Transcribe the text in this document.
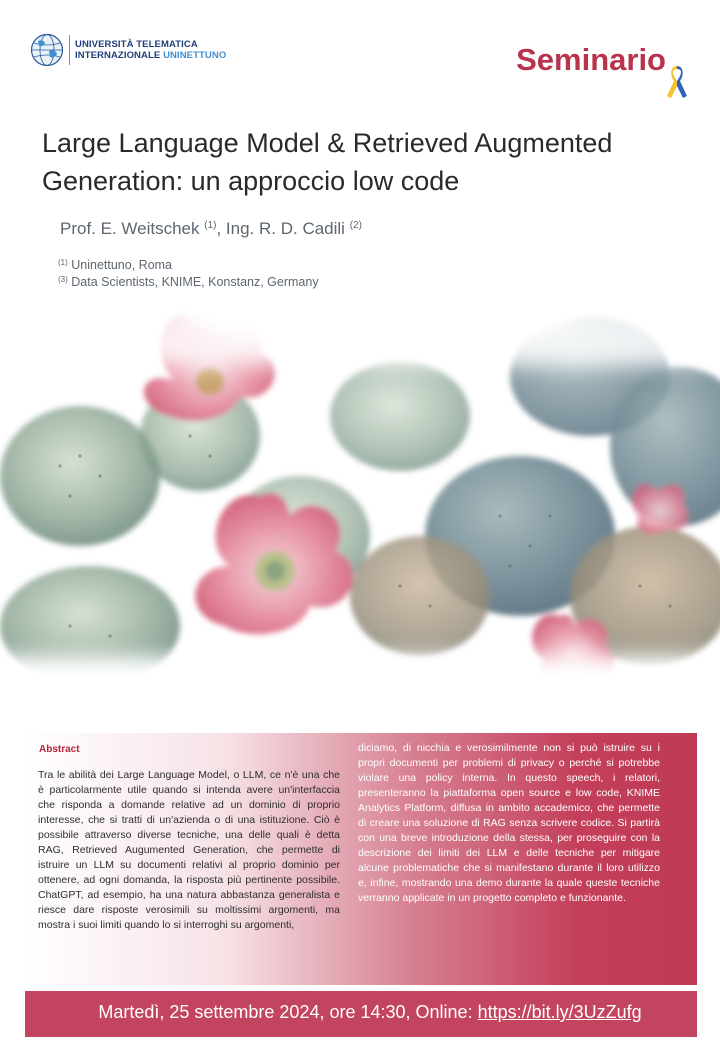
UNIVERSITÀ TELEMATICA
INTERNAZIONALE UNINETTUNO	Seminario
Large Language Model & Retrieved Augmented Generation: un approccio low code
Prof. E. Weitschek $^{(1)}$, Ing. R. D. Cadili $^{(2)}$
$^{(1)}$ Uninettuno, Roma
$^{(3)}$ Data Scientists, KNIME, Konstanz, Germany
Abstract
Tra le abilità dei Large Language Model, o LLM, ce n'è una che è particolarmente utile quando si intenda avere un'interfaccia che risponda a domande relative ad un dominio di proprio interesse, che si tratti di un'azienda o di una istituzione. Ciò è possibile attraverso diverse tecniche, una delle quali è detta RAG, Retrieved Augumented Generation, che permette di istruire un LLM su documenti relativi al proprio dominio per ottenere, ad ogni domanda, la risposta più pertinente possibile. ChatGPT, ad esempio, ha una natura abbastanza generalista e riesce dare risposte verosimili su moltissimi argomenti, ma mostra i suoi limiti quando lo si interroghi su argomenti,
diciamo, di nicchia e verosimilmente non si può istruire su i propri documenti per problemi di privacy o perché si potrebbe violare una policy interna. In questo speech, i relatori, presenteranno la piattaforma open source e low code, KNIME Analytics Platform, diffusa in ambito accademico, che permette di creare una soluzione di RAG senza scrivere codice. Si partirà con una breve introduzione della stessa, per proseguire con la descrizione dei limiti dei LLM e delle tecniche per mitigare alcune problematiche che si manifestano durante il loro utilizzo e, infine, mostrando una demo durante la quale queste tecniche verranno applicate in un progetto completo e funzionante.
Martedì, 25 settembre 2024, ore 14:30, Online: https://bit.ly/3UzZufg
